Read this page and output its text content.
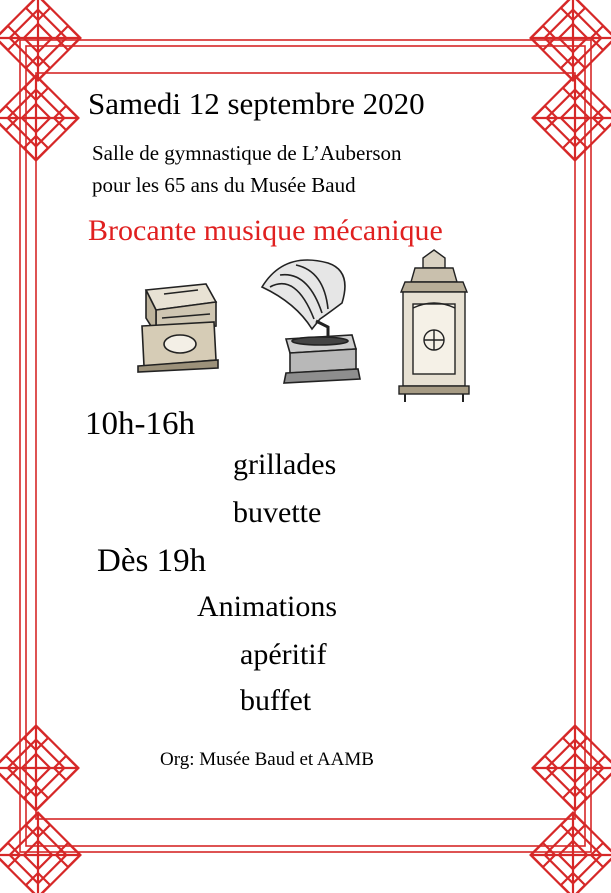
Samedi 12 septembre 2020
Salle de gymnastique de L’Auberson
pour les 65 ans du Musée Baud
Brocante musique mécanique
10h-16h
grillades
buvette
Dès 19h
Animations
apéritif
buffet
Org: Musée Baud et AAMB
